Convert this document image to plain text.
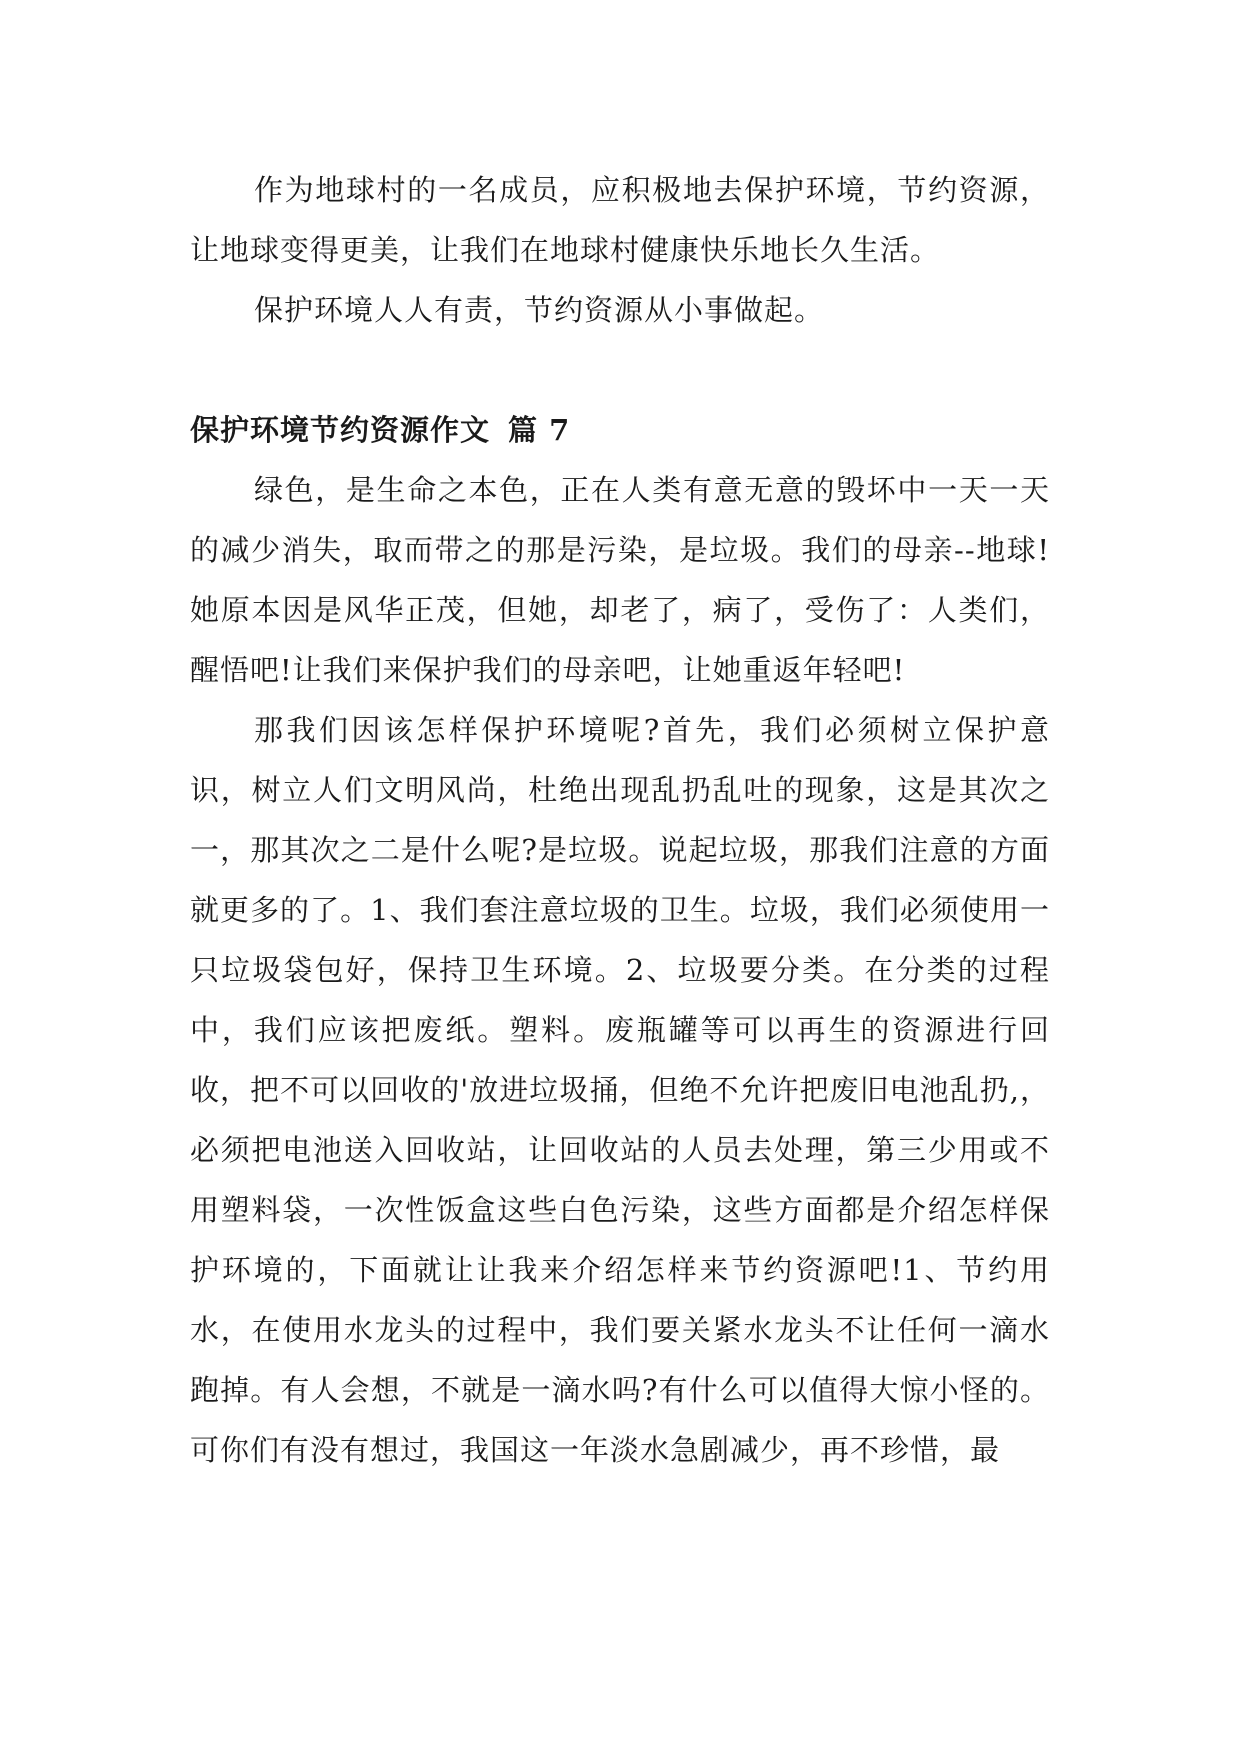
作为地球村的一名成员，应积极地去保护环境，节约资源，让地球变得更美，让我们在地球村健康快乐地长久生活。

保护环境人人有责，节约资源从小事做起。

保护环境节约资源作文 篇 7

绿色，是生命之本色，正在人类有意无意的毁坏中一天一天的减少消失，取而带之的那是污染，是垃圾。我们的母亲--地球!她原本因是风华正茂，但她，却老了，病了，受伤了：人类们，醒悟吧!让我们来保护我们的母亲吧，让她重返年轻吧!

那我们因该怎样保护环境呢?首先，我们必须树立保护意识，树立人们文明风尚，杜绝出现乱扔乱吐的现象，这是其次之一，那其次之二是什么呢?是垃圾。说起垃圾，那我们注意的方面就更多的了。1、我们套注意垃圾的卫生。垃圾，我们必须使用一只垃圾袋包好，保持卫生环境。2、垃圾要分类。在分类的过程中，我们应该把废纸。塑料。废瓶罐等可以再生的资源进行回收，把不可以回收的'放进垃圾捅，但绝不允许把废旧电池乱扔,，必须把电池送入回收站，让回收站的人员去处理，第三少用或不用塑料袋，一次性饭盒这些白色污染，这些方面都是介绍怎样保护环境的，下面就让让我来介绍怎样来节约资源吧!1、节约用水，在使用水龙头的过程中，我们要关紧水龙头不让任何一滴水跑掉。有人会想，不就是一滴水吗?有什么可以值得大惊小怪的。可你们有没有想过，我国这一年淡水急剧减少，再不珍惜，最
